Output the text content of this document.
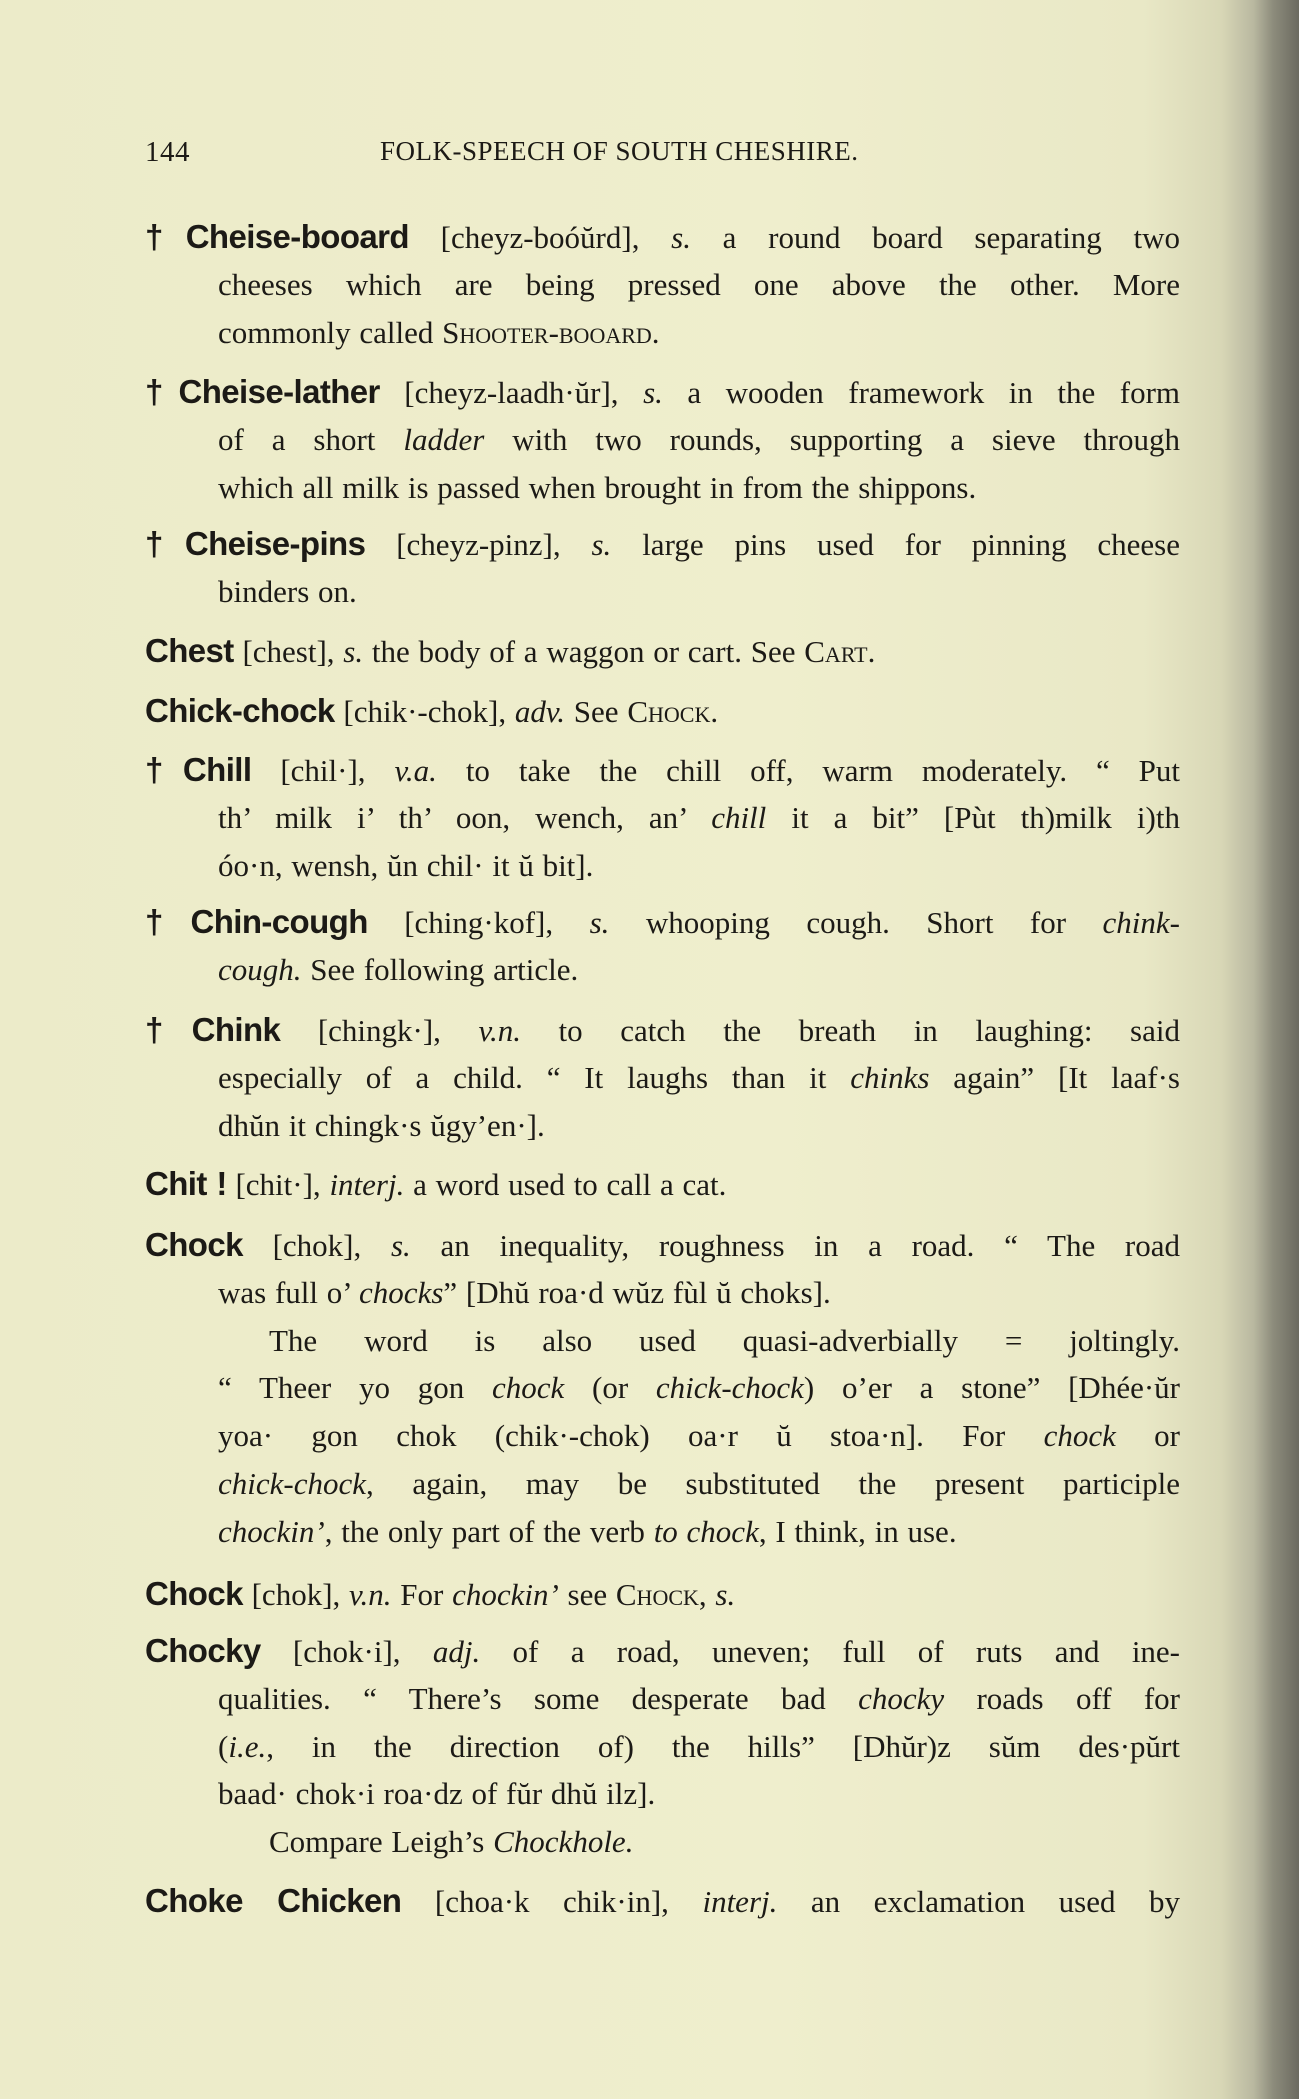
144	FOLK-SPEECH OF SOUTH CHESHIRE.
†Cheise-booard [cheyz-boóŭrd], s. a round board separating two
cheeses which are being pressed one above the other. More
commonly called Shooter-booard.
†Cheise-lather [cheyz-laadh·ŭr], s. a wooden framework in the form
of a short ladder with two rounds, supporting a sieve through
which all milk is passed when brought in from the shippons.
†Cheise-pins [cheyz-pinz], s. large pins used for pinning cheese
binders on.
Chest [chest], s. the body of a waggon or cart. See Cart.
Chick-chock [chik·-chok], adv. See Chock.
†Chill [chil·], v.a. to take the chill off, warm moderately. “ Put
th’ milk i’ th’ oon, wench, an’ chill it a bit” [Pùt th)milk i)th
óo·n, wensh, ŭn chil· it ŭ bit].
†Chin-cough [ching·kof], s. whooping cough. Short for chink-
cough. See following article.
†Chink [chingk·], v.n. to catch the breath in laughing: said
especially of a child. “ It laughs than it chinks again” [It laaf·s
dhŭn it chingk·s ŭgy’en·].
Chit ! [chit·], interj. a word used to call a cat.
Chock [chok], s. an inequality, roughness in a road. “ The road
was full o’ chocks” [Dhŭ roa·d wŭz fùl ŭ choks].
The word is also used quasi-adverbially = joltingly.
“ Theer yo gon chock (or chick-chock) o’er a stone” [Dhée·ŭr
yoa· gon chok (chik·-chok) oa·r ŭ stoa·n]. For chock or
chick-chock, again, may be substituted the present participle
chockin’, the only part of the verb to chock, I think, in use.
Chock [chok], v.n. For chockin’ see Chock, s.
Chocky [chok·i], adj. of a road, uneven; full of ruts and ine-
qualities. “ There’s some desperate bad chocky roads off for
(i.e., in the direction of) the hills” [Dhŭr)z sŭm des·pŭrt
baad· chok·i roa·dz of fŭr dhŭ ilz].
Compare Leigh’s Chockhole.
Choke Chicken [choa·k chik·in], interj. an exclamation used by
